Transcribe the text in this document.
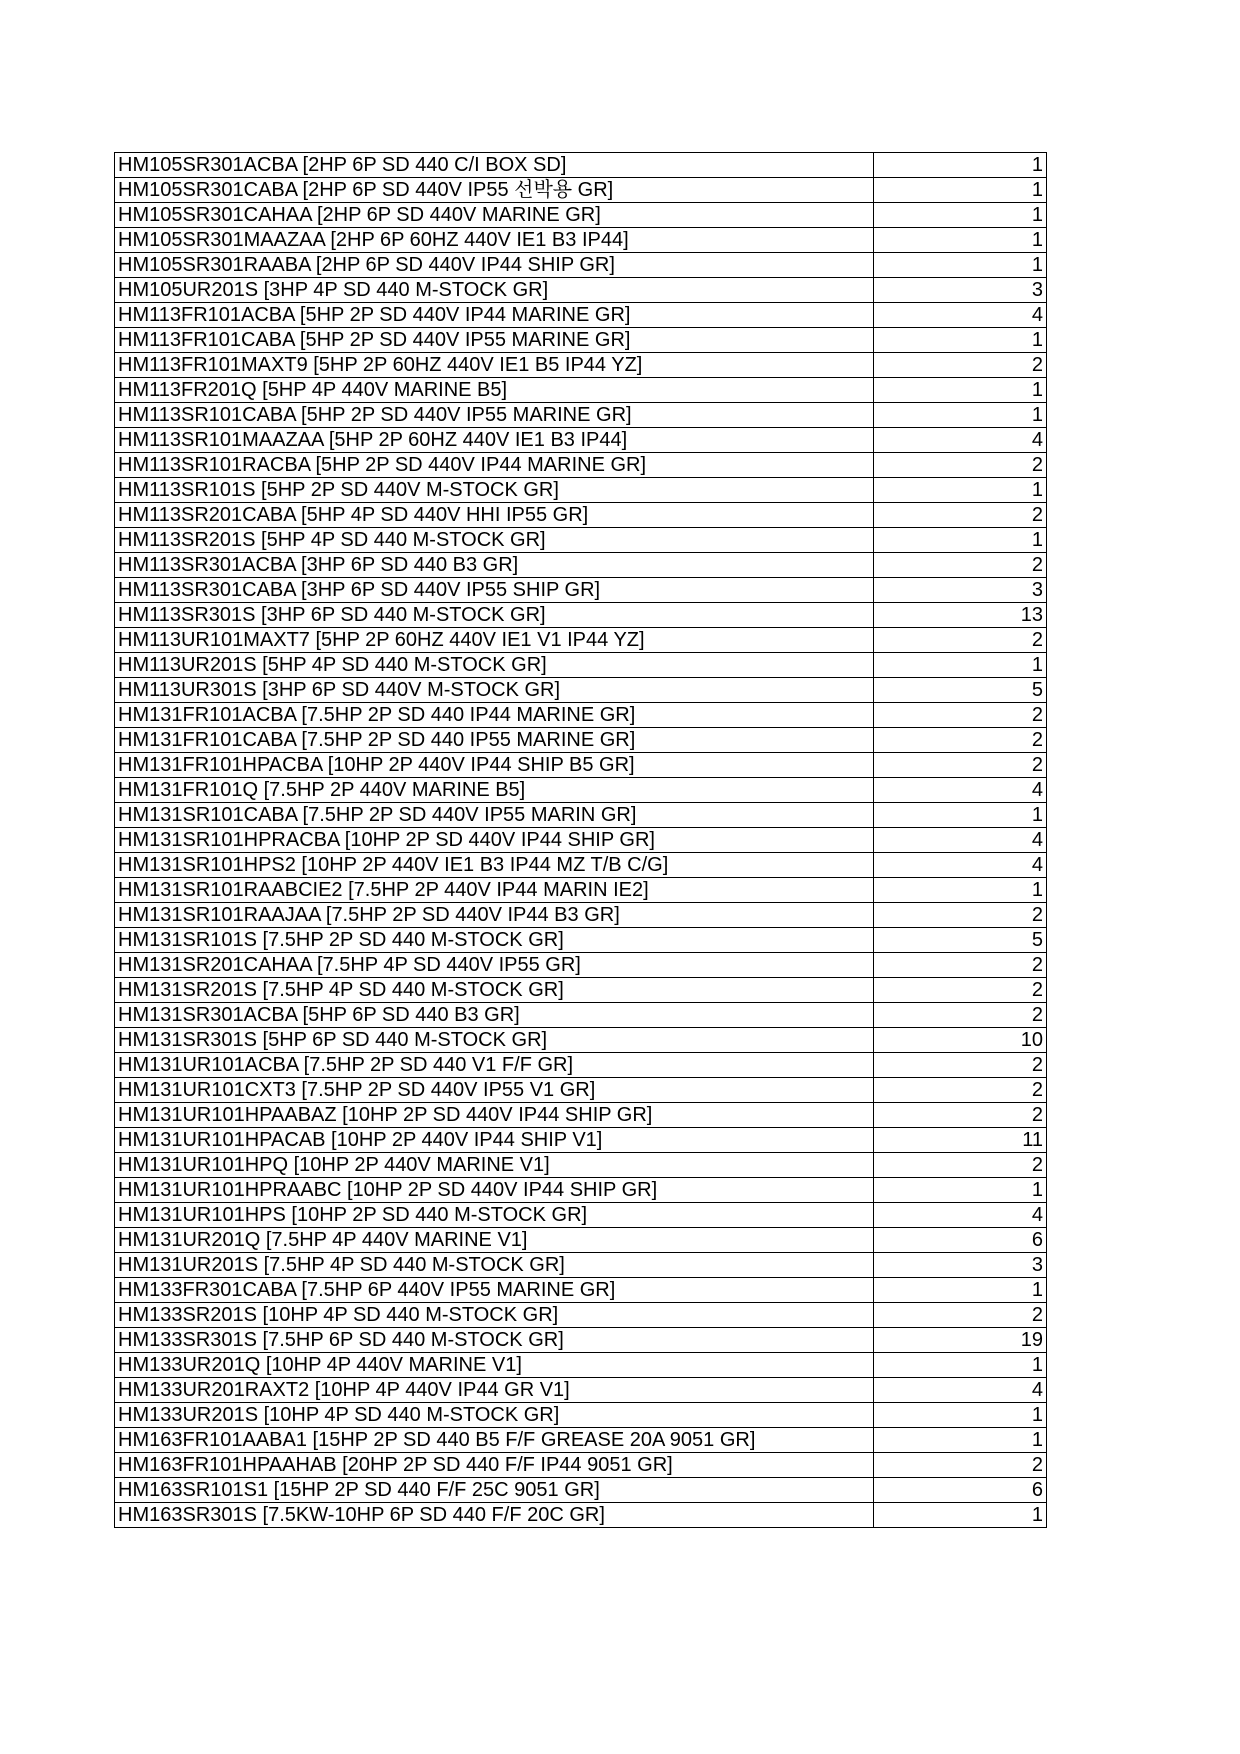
HM105SR301ACBA [2HP 6P SD 440 C/I BOX SD]	1
HM105SR301CABA [2HP 6P SD 440V IP55 선박용 GR]	1
HM105SR301CAHAA [2HP 6P SD 440V MARINE GR]	1
HM105SR301MAAZAA [2HP 6P 60HZ 440V IE1 B3 IP44]	1
HM105SR301RAABA [2HP 6P SD 440V IP44 SHIP GR]	1
HM105UR201S [3HP 4P SD 440 M-STOCK GR]	3
HM113FR101ACBA [5HP 2P SD 440V IP44 MARINE GR]	4
HM113FR101CABA [5HP 2P SD 440V IP55 MARINE GR]	1
HM113FR101MAXT9 [5HP 2P 60HZ 440V IE1 B5 IP44 YZ]	2
HM113FR201Q [5HP 4P 440V MARINE B5]	1
HM113SR101CABA [5HP 2P SD 440V IP55 MARINE GR]	1
HM113SR101MAAZAA [5HP 2P 60HZ 440V IE1 B3 IP44]	4
HM113SR101RACBA [5HP 2P SD 440V IP44 MARINE GR]	2
HM113SR101S [5HP 2P SD 440V M-STOCK GR]	1
HM113SR201CABA [5HP 4P SD 440V HHI IP55 GR]	2
HM113SR201S [5HP 4P SD 440 M-STOCK GR]	1
HM113SR301ACBA [3HP 6P SD 440 B3 GR]	2
HM113SR301CABA [3HP 6P SD 440V IP55 SHIP GR]	3
HM113SR301S [3HP 6P SD 440 M-STOCK GR]	13
HM113UR101MAXT7 [5HP 2P 60HZ 440V IE1 V1 IP44 YZ]	2
HM113UR201S [5HP 4P SD 440 M-STOCK GR]	1
HM113UR301S [3HP 6P SD 440V M-STOCK GR]	5
HM131FR101ACBA [7.5HP 2P SD 440 IP44 MARINE GR]	2
HM131FR101CABA [7.5HP 2P SD 440 IP55 MARINE GR]	2
HM131FR101HPACBA [10HP 2P 440V IP44 SHIP B5 GR]	2
HM131FR101Q [7.5HP 2P 440V MARINE B5]	4
HM131SR101CABA [7.5HP 2P SD 440V IP55 MARIN GR]	1
HM131SR101HPRACBA [10HP 2P SD 440V IP44 SHIP GR]	4
HM131SR101HPS2 [10HP 2P 440V IE1 B3 IP44 MZ T/B C/G]	4
HM131SR101RAABCIE2 [7.5HP 2P 440V IP44 MARIN IE2]	1
HM131SR101RAAJAA [7.5HP 2P SD 440V IP44 B3 GR]	2
HM131SR101S [7.5HP 2P SD 440 M-STOCK GR]	5
HM131SR201CAHAA [7.5HP 4P SD 440V IP55 GR]	2
HM131SR201S [7.5HP 4P SD 440 M-STOCK GR]	2
HM131SR301ACBA [5HP 6P SD 440 B3 GR]	2
HM131SR301S [5HP 6P SD 440 M-STOCK GR]	10
HM131UR101ACBA [7.5HP 2P SD 440 V1 F/F GR]	2
HM131UR101CXT3 [7.5HP 2P SD 440V IP55 V1 GR]	2
HM131UR101HPAABAZ [10HP 2P SD 440V IP44 SHIP GR]	2
HM131UR101HPACAB [10HP 2P 440V IP44 SHIP V1]	11
HM131UR101HPQ [10HP 2P 440V MARINE V1]	2
HM131UR101HPRAABC [10HP 2P SD 440V IP44 SHIP GR]	1
HM131UR101HPS [10HP 2P SD 440 M-STOCK GR]	4
HM131UR201Q [7.5HP 4P 440V MARINE V1]	6
HM131UR201S [7.5HP 4P SD 440 M-STOCK GR]	3
HM133FR301CABA [7.5HP 6P 440V IP55 MARINE GR]	1
HM133SR201S [10HP 4P SD 440 M-STOCK GR]	2
HM133SR301S [7.5HP 6P SD 440 M-STOCK GR]	19
HM133UR201Q [10HP 4P 440V MARINE V1]	1
HM133UR201RAXT2 [10HP 4P 440V IP44 GR V1]	4
HM133UR201S [10HP 4P SD 440 M-STOCK GR]	1
HM163FR101AABA1 [15HP 2P SD 440 B5 F/F GREASE 20A 9051 GR]	1
HM163FR101HPAAHAB [20HP 2P SD 440 F/F IP44 9051 GR]	2
HM163SR101S1 [15HP 2P SD 440 F/F 25C 9051 GR]	6
HM163SR301S [7.5KW-10HP 6P SD 440 F/F 20C GR]	1
